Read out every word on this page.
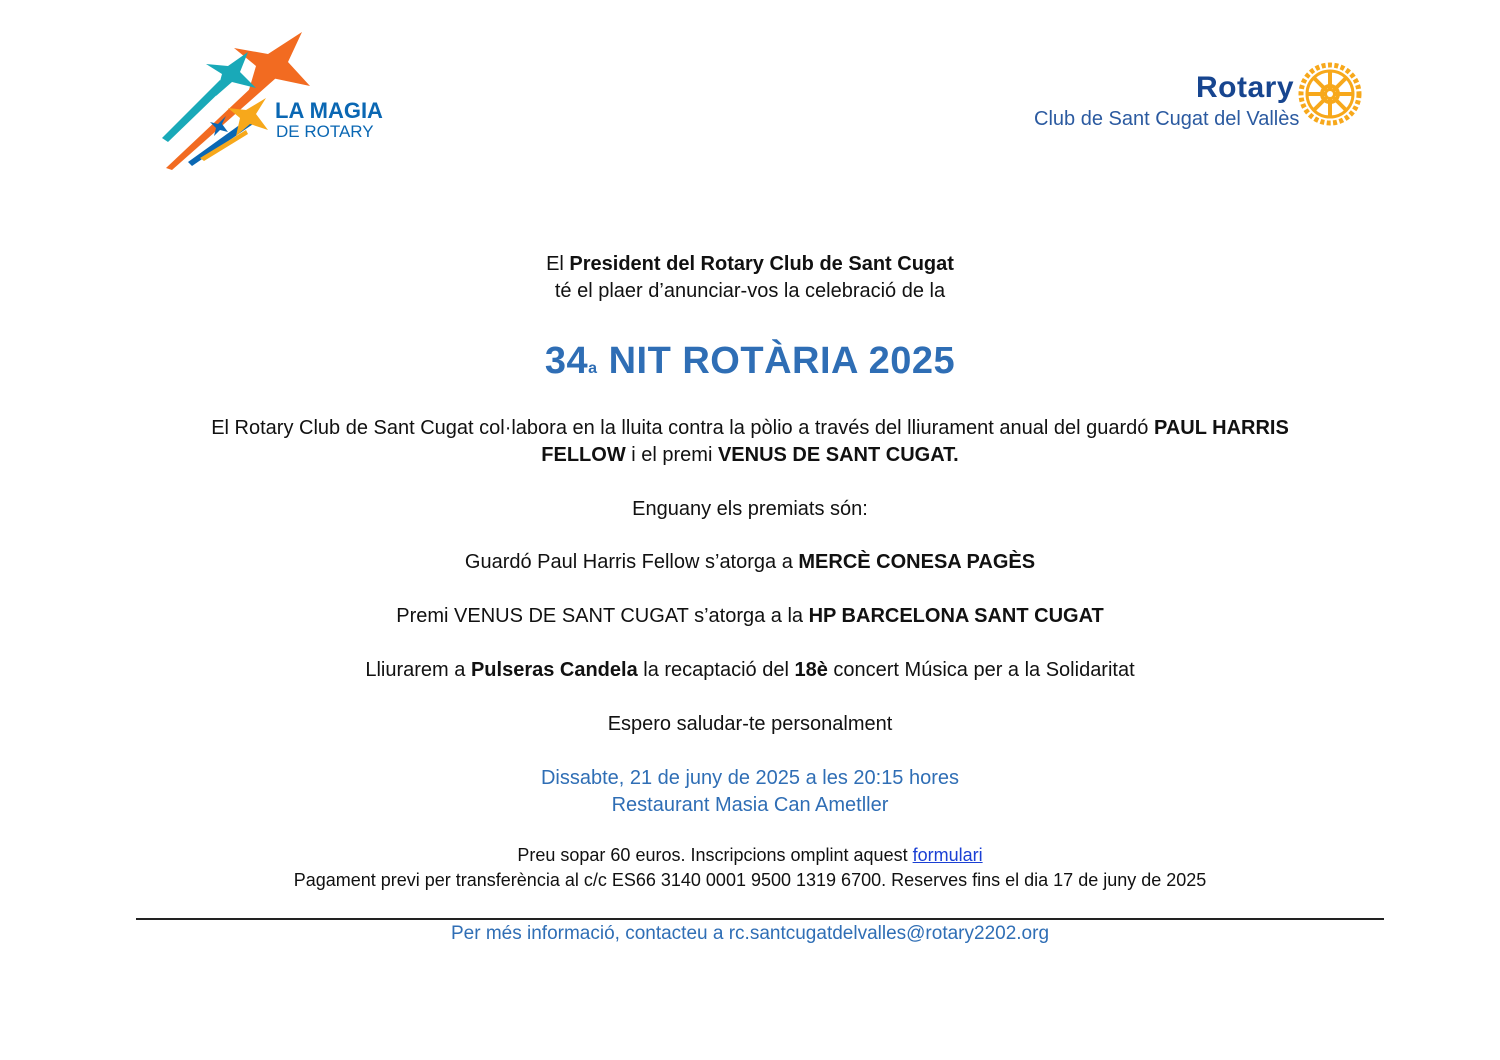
LA MAGIA
DE ROTARY
Rotary
Club de Sant Cugat del Vallès
El President del Rotary Club de Sant Cugat
té el plaer d’anunciar-vos la celebració de la
34a NIT ROTÀRIA 2025
El Rotary Club de Sant Cugat col·labora en la lluita contra la pòlio a través del lliurament anual del guardó PAUL HARRIS
FELLOW i el premi VENUS DE SANT CUGAT.
Enguany els premiats són:
Guardó Paul Harris Fellow s’atorga a MERCÈ CONESA PAGÈS
Premi VENUS DE SANT CUGAT s’atorga a la HP BARCELONA SANT CUGAT
Lliurarem a Pulseras Candela la recaptació del 18è concert Música per a la Solidaritat
Espero saludar-te personalment
Dissabte, 21 de juny de 2025 a les 20:15 hores
Restaurant Masia Can Ametller
Preu sopar 60 euros. Inscripcions omplint aquest formulari
Pagament previ per transferència al c/c ES66 3140 0001 9500 1319 6700. Reserves fins el dia 17 de juny de 2025
Per més informació, contacteu a rc.santcugatdelvalles@rotary2202.org
